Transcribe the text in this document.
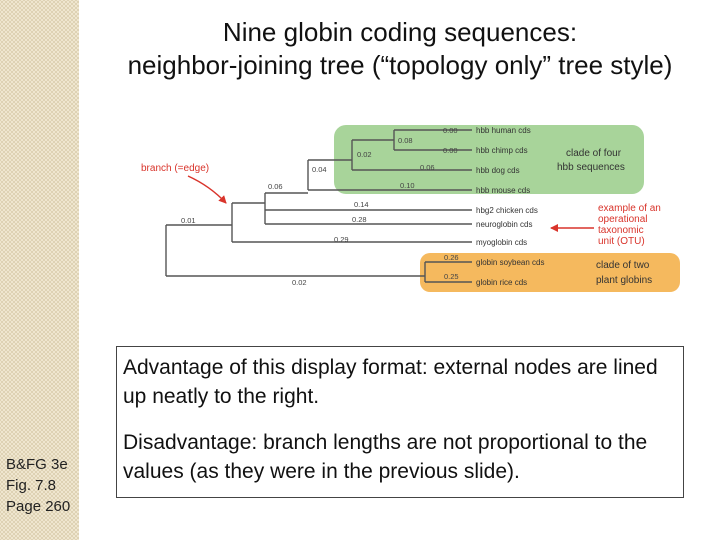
Nine globin coding sequences:
neighbor-joining tree (“topology only” tree style)
0.00
0.00
0.08
0.06
0.02
0.10
0.04
0.14
0.06
0.28
0.01
0.29
0.26
0.25
0.02
hbb human cds
hbb chimp cds
hbb dog cds
hbb mouse cds
hbg2 chicken cds
neuroglobin cds
myoglobin cds
globin soybean cds
globin rice cds
branch (=edge)
clade of four
hbb sequences
example of an
operational
taxonomic
unit (OTU)
clade of two
plant globins

Advantage of this display format: external nodes are lined up neatly to the right.

Disadvantage: branch lengths are not proportional to the values (as they were in the previous slide).

B&FG 3e
Fig. 7.8
Page 260
